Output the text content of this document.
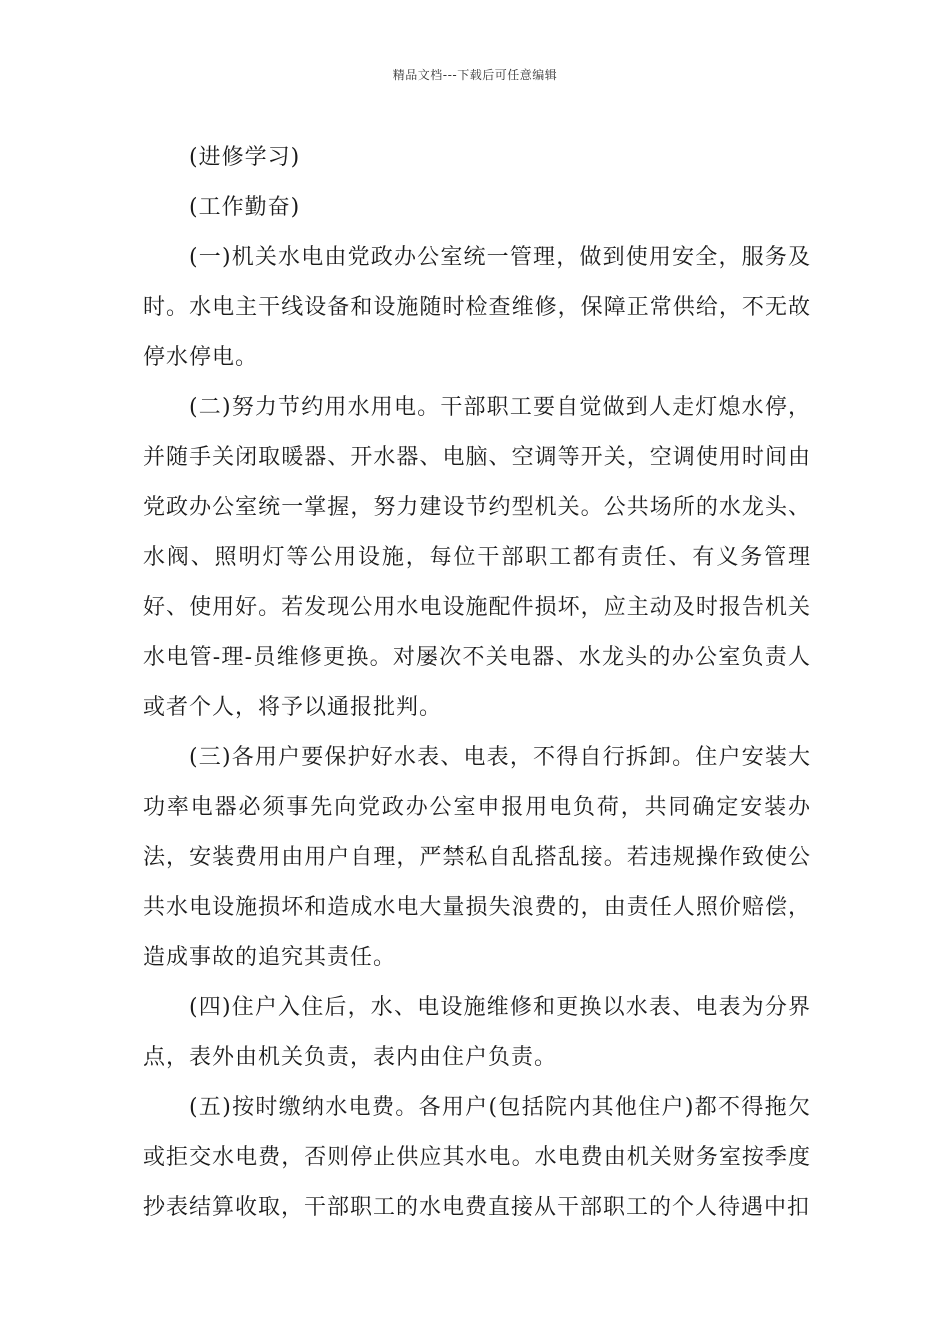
精品文档---下载后可任意编辑

(进修学习)

(工作勤奋)

(一)机关水电由党政办公室统一管理，做到使用安全，服务及时。水电主干线设备和设施随时检查维修，保障正常供给，不无故停水停电。

(二)努力节约用水用电。干部职工要自觉做到人走灯熄水停，并随手关闭取暖器、开水器、电脑、空调等开关，空调使用时间由党政办公室统一掌握，努力建设节约型机关。公共场所的水龙头、水阀、照明灯等公用设施，每位干部职工都有责任、有义务管理好、使用好。若发现公用水电设施配件损坏，应主动及时报告机关水电管-理-员维修更换。对屡次不关电器、水龙头的办公室负责人或者个人，将予以通报批判。

(三)各用户要保护好水表、电表，不得自行拆卸。住户安装大功率电器必须事先向党政办公室申报用电负荷，共同确定安装办法，安装费用由用户自理，严禁私自乱搭乱接。若违规操作致使公共水电设施损坏和造成水电大量损失浪费的，由责任人照价赔偿，造成事故的追究其责任。

(四)住户入住后，水、电设施维修和更换以水表、电表为分界点，表外由机关负责，表内由住户负责。

(五)按时缴纳水电费。各用户(包括院内其他住户)都不得拖欠或拒交水电费，否则停止供应其水电。水电费由机关财务室按季度抄表结算收取，干部职工的水电费直接从干部职工的个人待遇中扣
